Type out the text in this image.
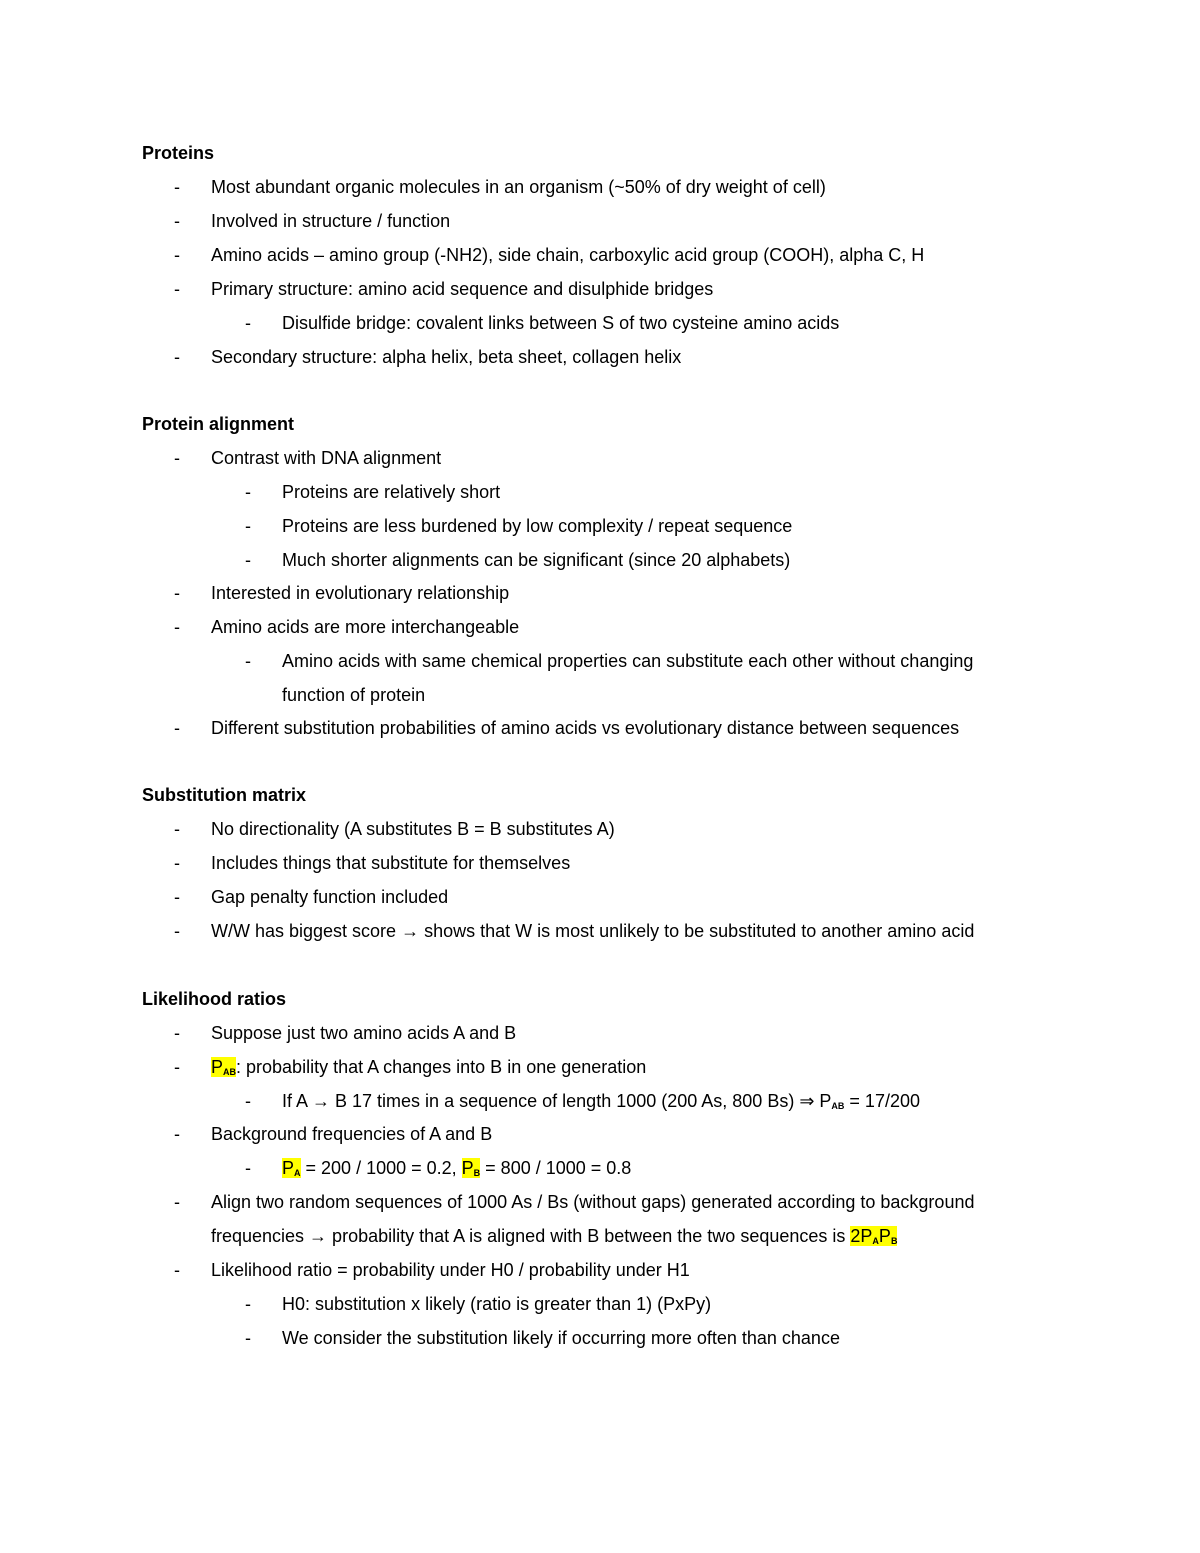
Proteins
- Most abundant organic molecules in an organism (~50% of dry weight of cell)
- Involved in structure / function
- Amino acids – amino group (-NH2), side chain, carboxylic acid group (COOH), alpha C, H
- Primary structure: amino acid sequence and disulphide bridges
- Disulfide bridge: covalent links between S of two cysteine amino acids
- Secondary structure: alpha helix, beta sheet, collagen helix
Protein alignment
- Contrast with DNA alignment
- Proteins are relatively short
- Proteins are less burdened by low complexity / repeat sequence
- Much shorter alignments can be significant (since 20 alphabets)
- Interested in evolutionary relationship
- Amino acids are more interchangeable
- Amino acids with same chemical properties can substitute each other without changing
function of protein
- Different substitution probabilities of amino acids vs evolutionary distance between sequences
Substitution matrix
- No directionality (A substitutes B = B substitutes A)
- Includes things that substitute for themselves
- Gap penalty function included
- W/W has biggest score → shows that W is most unlikely to be substituted to another amino acid
Likelihood ratios
- Suppose just two amino acids A and B
- $P_{AB}$: probability that A changes into B in one generation
- If A → B 17 times in a sequence of length 1000 (200 As, 800 Bs) ⇒ $P_{AB} = 17/200$
- Background frequencies of A and B
- $P_A = 200 / 1000 = 0.2$, $P_B = 800 / 1000 = 0.8$
- Align two random sequences of 1000 As / Bs (without gaps) generated according to background
frequencies → probability that A is aligned with B between the two sequences is $2P_AP_B$
- Likelihood ratio = probability under H0 / probability under H1
- H0: substitution x likely (ratio is greater than 1) (PxPy)
- We consider the substitution likely if occurring more often than chance
